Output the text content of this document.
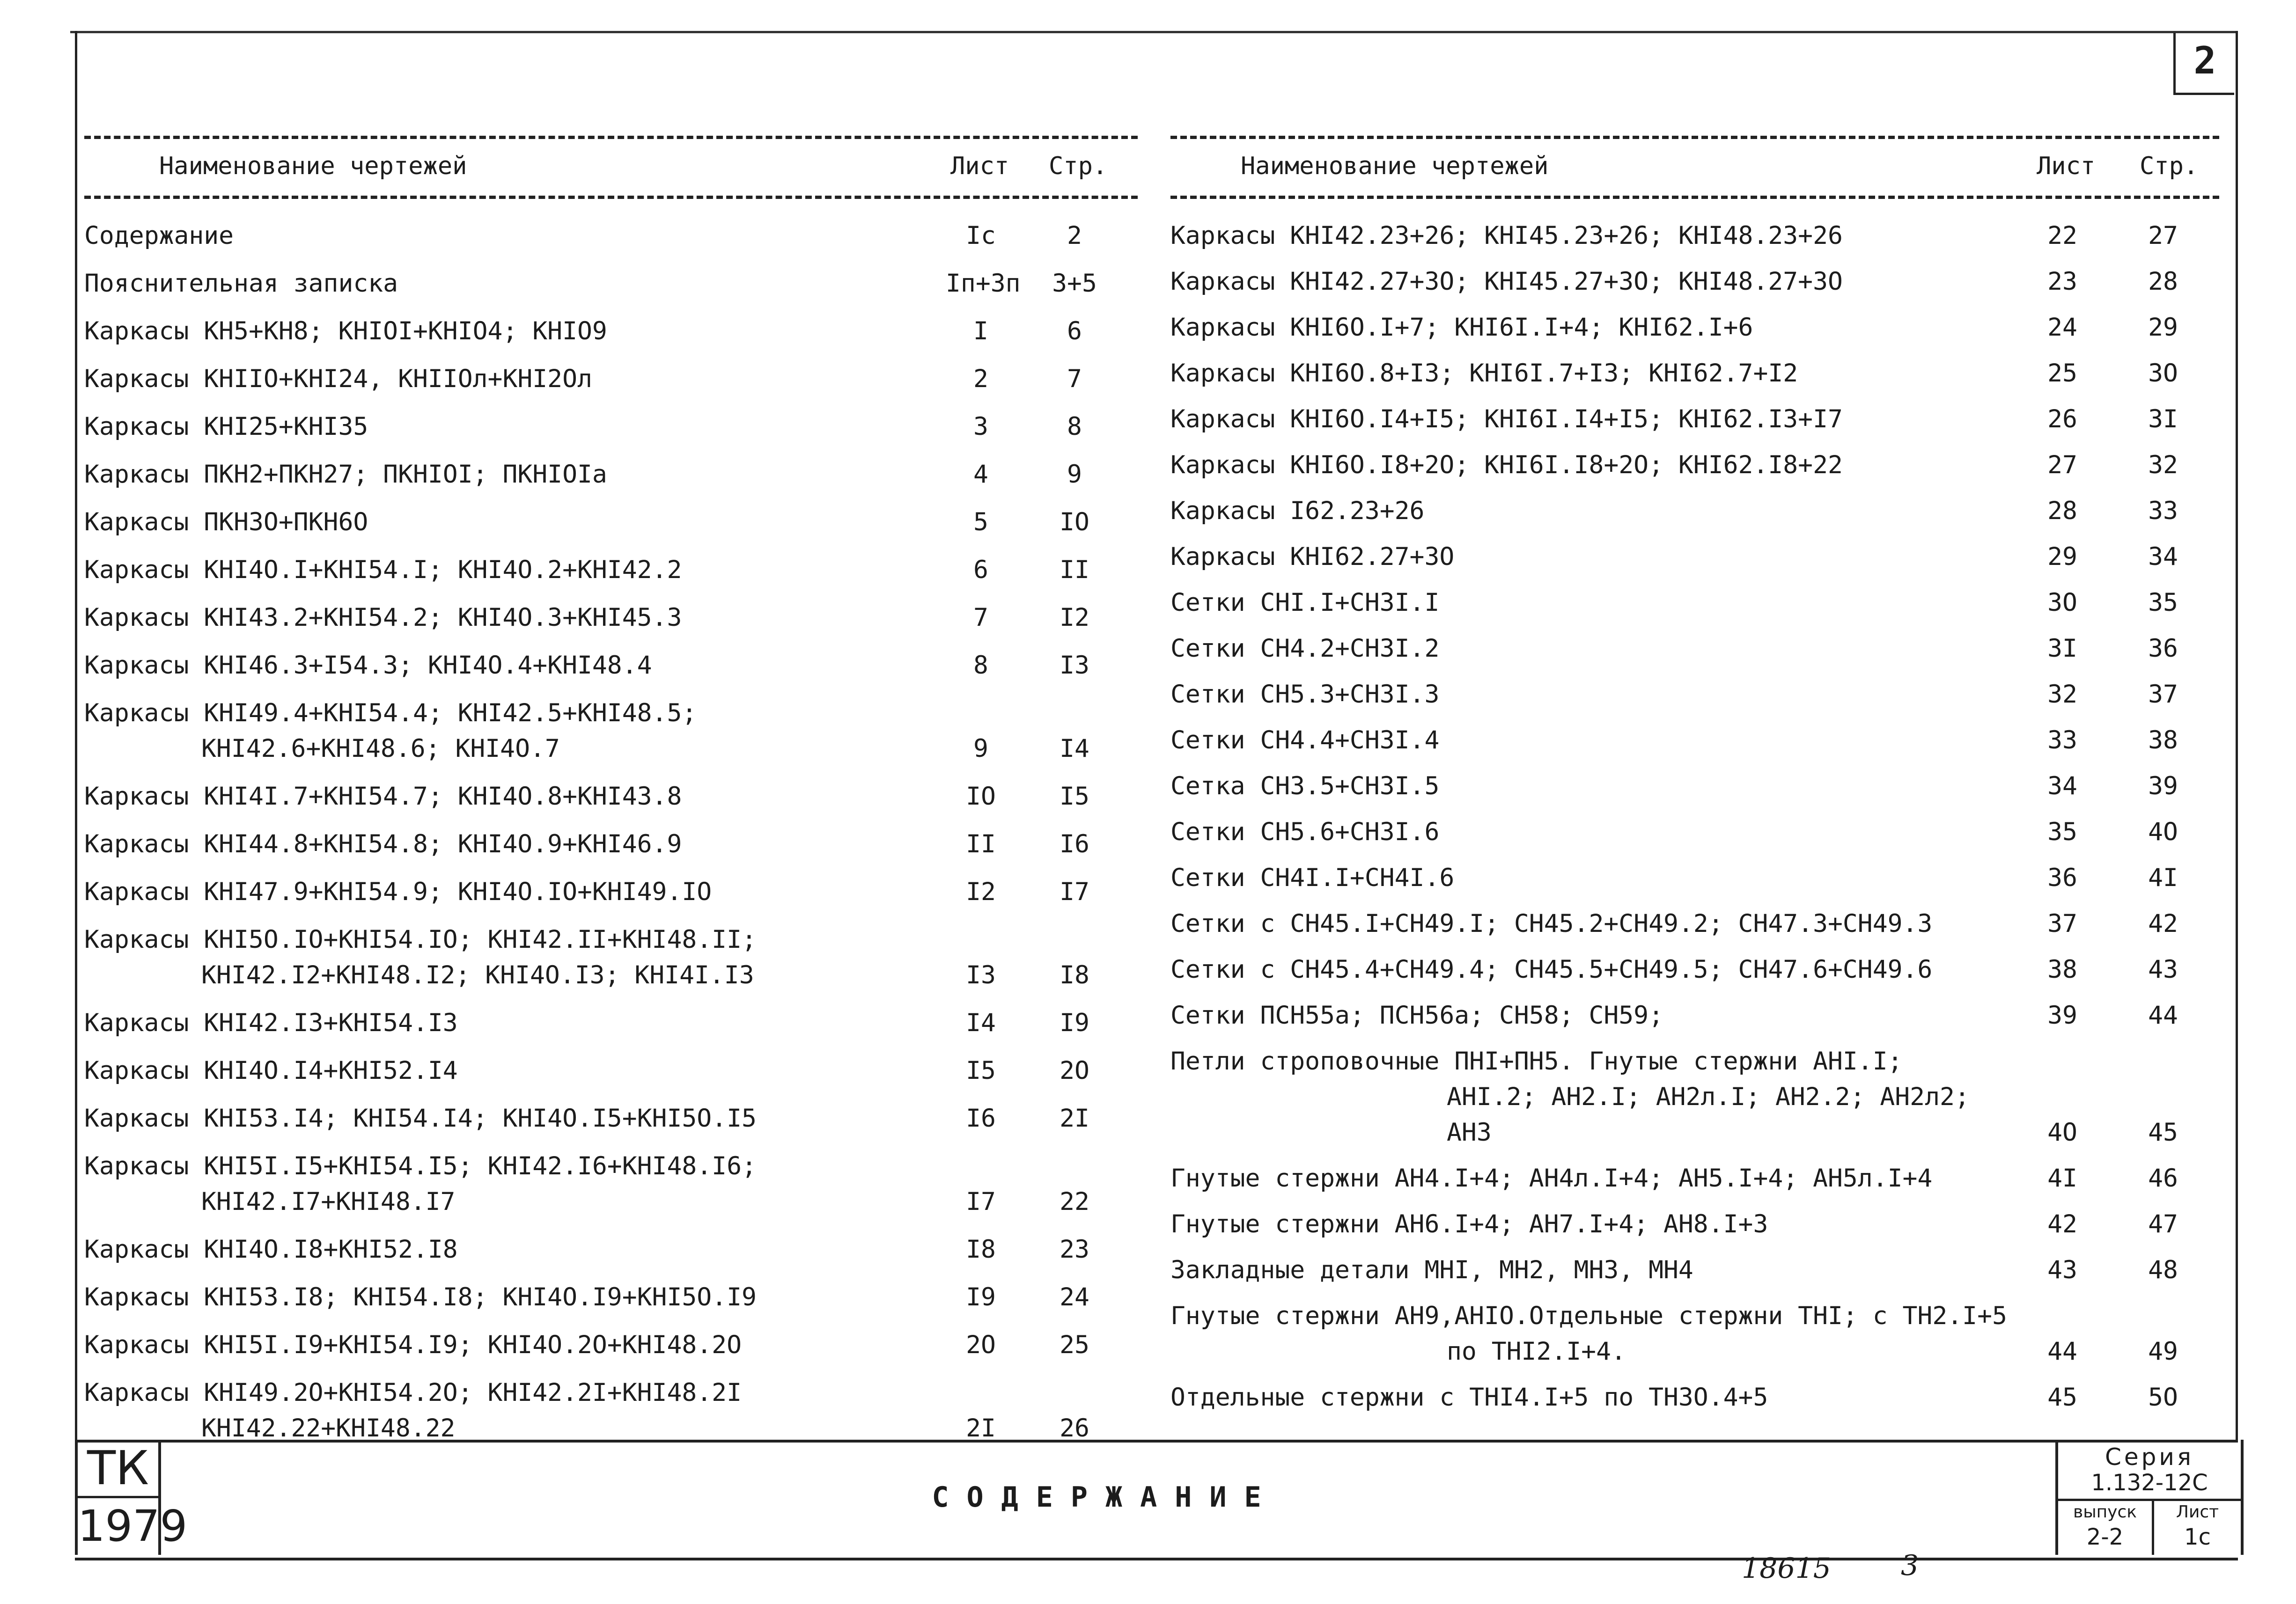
2
Наименование чертежей	Лист Стр.
Содержание	Iс	2
Пояснительная записка	Iп+3п	3+5
Каркасы КН5+КН8; КНIОI+КНIО4; КНIО9	I	6
Каркасы КНIIО+КНI24, КНIIОл+КНI2Ол	2	7
Каркасы КНI25+КНI35	3	8
Каркасы ПКН2+ПКН27; ПКНIОI; ПКНIОIа	4	9
Каркасы ПКН3О+ПКН6О	5	IО
Каркасы КНI4О.I+КНI54.I; КНI4О.2+КНI42.2	6	II
Каркасы КНI43.2+КНI54.2; КНI4О.3+КНI45.3	7	I2
Каркасы КНI46.3+I54.3; КНI4О.4+КНI48.4	8	I3
Каркасы КНI49.4+КНI54.4; КНI42.5+КНI48.5;
КНI42.6+КНI48.6; КНI4О.7	9	I4
Каркасы КНI4I.7+КНI54.7; КНI4О.8+КНI43.8	IО	I5
Каркасы КНI44.8+КНI54.8; КНI4О.9+КНI46.9	II	I6
Каркасы КНI47.9+КНI54.9; КНI4О.IО+КНI49.IО	I2	I7
Каркасы КНI5О.IО+КНI54.IО; КНI42.II+КНI48.II;
КНI42.I2+КНI48.I2; КНI4О.I3; КНI4I.I3	I3	I8
Каркасы КНI42.I3+КНI54.I3	I4	I9
Каркасы КНI4О.I4+КНI52.I4	I5	2О
Каркасы КНI53.I4; КНI54.I4; КНI4О.I5+КНI5О.I5	I6	2I
Каркасы КНI5I.I5+КНI54.I5; КНI42.I6+КНI48.I6;
КНI42.I7+КНI48.I7	I7	22
Каркасы КНI4О.I8+КНI52.I8	I8	23
Каркасы КНI53.I8; КНI54.I8; КНI4О.I9+КНI5О.I9	I9	24
Каркасы КНI5I.I9+КНI54.I9; КНI4О.2О+КНI48.2О	2О	25
Каркасы КНI49.2О+КНI54.2О; КНI42.2I+КНI48.2I
КНI42.22+КНI48.22	2I	26
Наименование чертежей	Лист Стр.
Каркасы КНI42.23+26; КНI45.23+26; КНI48.23+26	22	27
Каркасы КНI42.27+3О; КНI45.27+3О; КНI48.27+3О	23	28
Каркасы КНI6О.I+7; КНI6I.I+4; КНI62.I+6	24	29
Каркасы КНI6О.8+I3; КНI6I.7+I3; КНI62.7+I2	25	3О
Каркасы КНI6О.I4+I5; КНI6I.I4+I5; КНI62.I3+I7	26	3I
Каркасы КНI6О.I8+2О; КНI6I.I8+2О; КНI62.I8+22	27	32
Каркасы I62.23+26	28	33
Каркасы КНI62.27+3О	29	34
Сетки СНI.I+СН3I.I	3О	35
Сетки СН4.2+СН3I.2	3I	36
Сетки СН5.3+СН3I.3	32	37
Сетки СН4.4+СН3I.4	33	38
Сетка СН3.5+СН3I.5	34	39
Сетки СН5.6+СН3I.6	35	4О
Сетки СН4I.I+СН4I.6	36	4I
Сетки с СН45.I+СН49.I; СН45.2+СН49.2; СН47.3+СН49.3	37	42
Сетки с СН45.4+СН49.4; СН45.5+СН49.5; СН47.6+СН49.6	38	43
Сетки ПСН55а; ПСН56а; СН58; СН59;	39	44
Петли строповочные ПНI+ПН5. Гнутые стержни АНI.I;
АНI.2; АН2.I; АН2л.I; АН2.2; АН2л2;
АН3	4О	45
Гнутые стержни АН4.I+4; АН4л.I+4; АН5.I+4; АН5л.I+4	4I	46
Гнутые стержни АН6.I+4; АН7.I+4; АН8.I+3	42	47
Закладные детали МНI, МН2, МН3, МН4	43	48
Гнутые стержни АН9,АНIО.Отдельные стержни ТНI; с ТН2.I+5
по ТНI2.I+4.	44	49
Отдельные стержни с ТНI4.I+5 по ТН3О.4+5	45	5О
ТК
1979
СОДЕРЖАНИЕ
Серия
1.132-12С
выпуск
2-2
Лист
1с
18615 3
